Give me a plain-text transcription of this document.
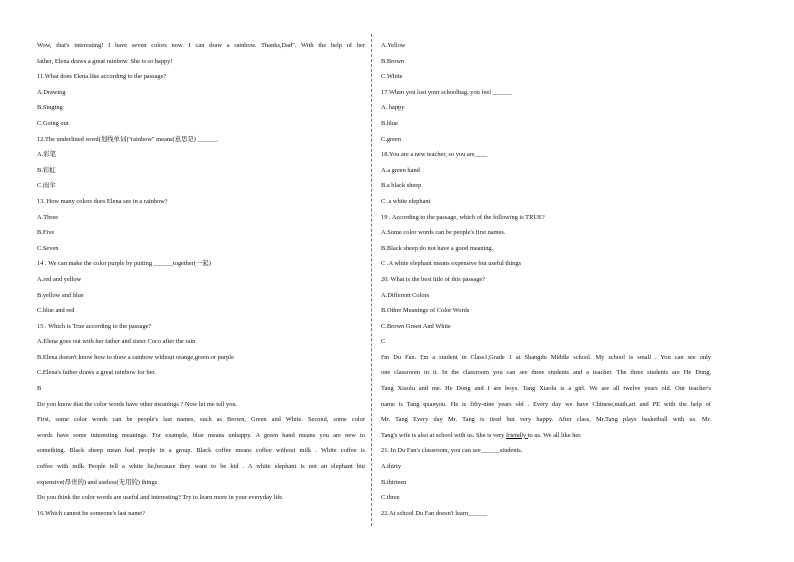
Wow, that's interesting! I have seven colors now. I can draw a rainbow. Thanks,Dad". With the help of her
father, Elena draws a great rainbow. She is so happy!
11.What does Elena like according to the passage?
A.Drawing
B.Singing
C.Going out
12.The underlined word(划线单词)"rainbow" means(意思是) ______.
A.彩笔
B.彩虹
C.雨伞
13. How many colors does Elena see in a rainbow?
A.Three
B.Five
C.Seven
14 . We can make the color purple by putting ______together(一起)
A.red and yellow
B.yellow and blue
C.blue and red
15 . Which is True according to the passage?
A.Elena goes out with her father and sister Coco after the rain
B.Elena doesn't know how to draw a rainbow without orange,green or purple
C.Elena's father draws a great rainbow for her.
B
Do you know that the color words have other meanings ? Now let me tell you.
First, some color words can be people's last names, such as Brown, Green and White. Second, some color
words have some interesting meanings. For example, blue means unhappy. A green hand means you are new to
something. Black sheep mean bad people in a group. Black coffee means coffee without milk . White coffee is
coffee with milk People tell a white lie,because they want to be kid . A white elephant is not an elephant but
expensive(昂贵的) and useless(无用的) things
Do you think the color words are useful and interesting? Try to learn more in your everyday life.
16.Which cannot be someone's last name?
A.Yellow
B.Brown
C.White
17.When you lost your schoolbag, you feel ______
A. happy
B.blue
C.green
18.You are a new teacher, so you are____
A.a green hand
B.a black sheep
C. a white elephant
19 . According to the passage, which of the following is TRUE?
A.Some color words can be people's first names.
B.Black sheep do not have a good meaning.
C .A white elephant means expensive but useful things
20. What is the best title of this passage?
A.Different Colors
B.Other Meanings of Color Words
C.Brown Green And White
C
I'm Du Fan. I'm a student in Class1,Grade 1 at Shangdu Middle school. My school is small . You can see only
one classroom in it. In the classroom you can see three students and a teacher. The three students are He Dong,
Tang Xiaolu and me. He Dong and I are boys. Tang Xiaolu is a girl. We are all twelve years old. Our teacher's
name is Tang quanyou. He is fifty-nine years old . Every day we have Chinese,math,art and PE with the help of
Mr. Tang Every day Mr. Tang is tired but very happy. After class, Mr.Tang plays basketball with us. Mr.
Tang's wife is also at school with us. She is very friendly to us. We all like her.
21. In Du Fan's classroom, you can see______students.
A.thirty
B.thirteen
C.three
22.At school Du Fan doesn't learn______
